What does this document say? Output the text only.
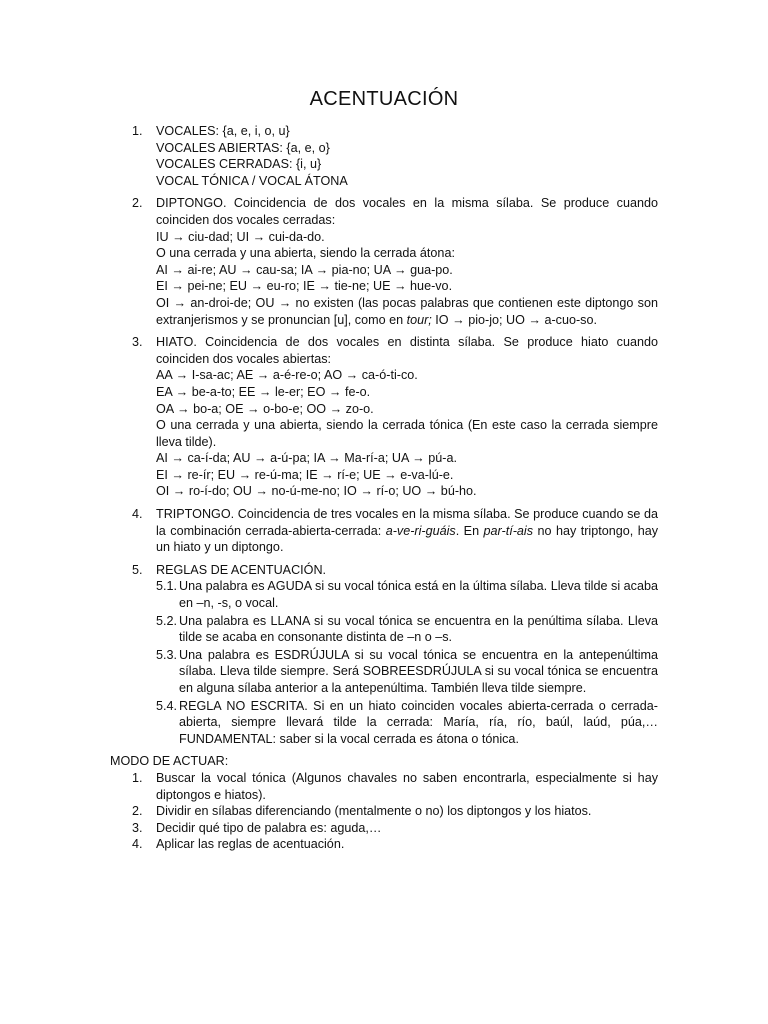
ACENTUACIÓN
1. VOCALES: {a, e, i, o, u}
VOCALES ABIERTAS: {a, e, o}
VOCALES CERRADAS: {i, u}
VOCAL TÓNICA / VOCAL ÁTONA
2. DIPTONGO. Coincidencia de dos vocales en la misma sílaba. Se produce cuando coinciden dos vocales cerradas:
IU → ciu-dad; UI → cui-da-do.
O una cerrada y una abierta, siendo la cerrada átona:
AI → ai-re; AU → cau-sa; IA → pia-no; UA → gua-po.
EI → pei-ne; EU → eu-ro; IE → tie-ne; UE → hue-vo.
OI → an-droi-de; OU → no existen (las pocas palabras que contienen este diptongo son extranjerismos y se pronuncian [u], como en tour; IO → pio-jo; UO → a-cuo-so.
3. HIATO. Coincidencia de dos vocales en distinta sílaba. Se produce hiato cuando coinciden dos vocales abiertas:
AA → I-sa-ac; AE → a-é-re-o; AO → ca-ó-ti-co.
EA → be-a-to; EE → le-er; EO → fe-o.
OA → bo-a; OE → o-bo-e; OO → zo-o.
O una cerrada y una abierta, siendo la cerrada tónica (En este caso la cerrada siempre lleva tilde).
AI → ca-í-da; AU → a-ú-pa; IA → Ma-rí-a; UA → pú-a.
EI → re-ír; EU → re-ú-ma; IE → rí-e; UE → e-va-lú-e.
OI → ro-í-do; OU → no-ú-me-no; IO → rí-o; UO → bú-ho.
4. TRIPTONGO. Coincidencia de tres vocales en la misma sílaba. Se produce cuando se da la combinación cerrada-abierta-cerrada: a-ve-ri-guáis. En par-tí-ais no hay triptongo, hay un hiato y un diptongo.
5. REGLAS DE ACENTUACIÓN.
5.1. Una palabra es AGUDA si su vocal tónica está en la última sílaba. Lleva tilde si acaba en –n, -s, o vocal.
5.2. Una palabra es LLANA si su vocal tónica se encuentra en la penúltima sílaba. Lleva tilde se acaba en consonante distinta de –n o –s.
5.3. Una palabra es ESDRÚJULA si su vocal tónica se encuentra en la antepenúltima sílaba. Lleva tilde siempre. Será SOBREESDRÚJULA si su vocal tónica se encuentra en alguna sílaba anterior a la antepenúltima. También lleva tilde siempre.
5.4. REGLA NO ESCRITA. Si en un hiato coinciden vocales abierta-cerrada o cerrada-abierta, siempre llevará tilde la cerrada: María, ría, río, baúl, laúd, púa,… FUNDAMENTAL: saber si la vocal cerrada es átona o tónica.
MODO DE ACTUAR:
1. Buscar la vocal tónica (Algunos chavales no saben encontrarla, especialmente si hay diptongos e hiatos).
2. Dividir en sílabas diferenciando (mentalmente o no) los diptongos y los hiatos.
3. Decidir qué tipo de palabra es: aguda,…
4. Aplicar las reglas de acentuación.
